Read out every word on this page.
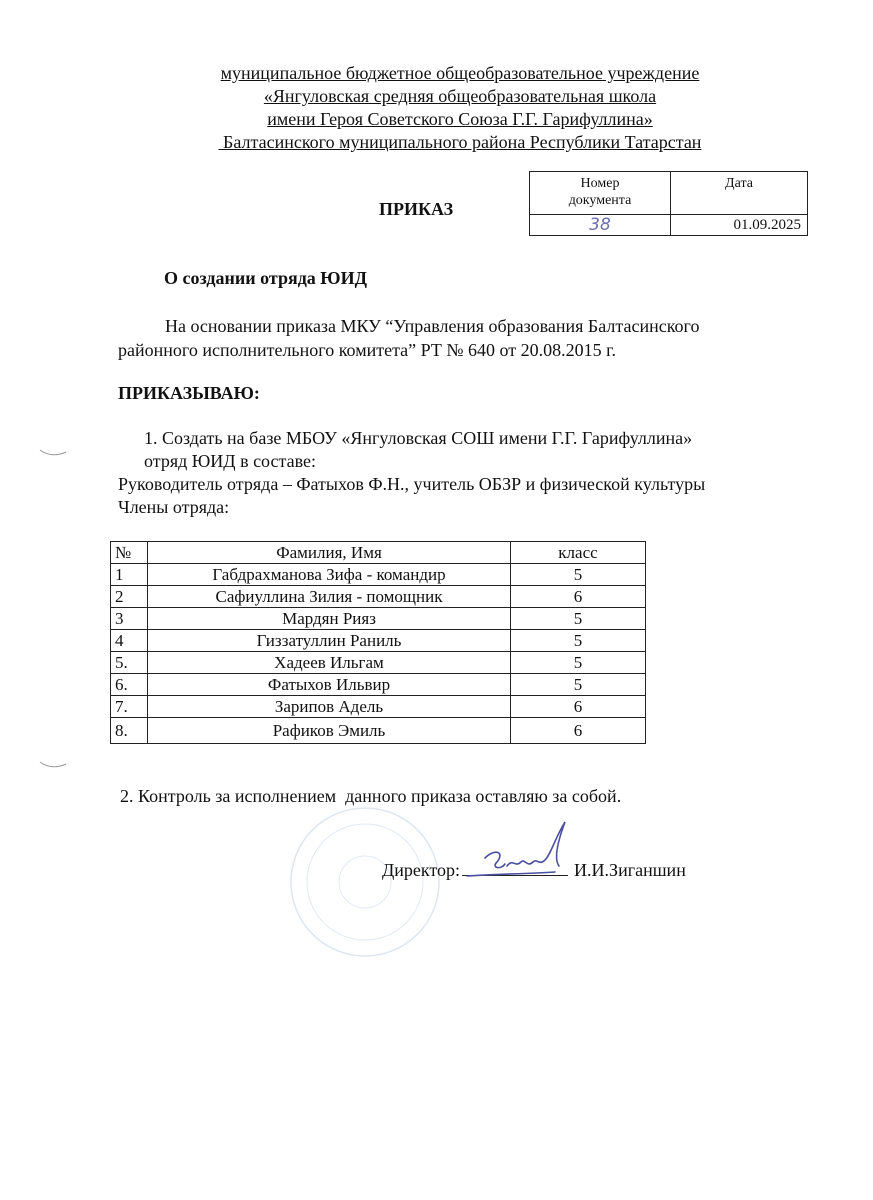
муниципальное бюджетное общеобразовательное учреждение
«Янгуловская средняя общеобразовательная школа
имени Героя Советского Союза Г.Г. Гарифуллина»
Балтасинского муниципального района Республики Татарстан
Номер
документа	Дата
38	01.09.2025
ПРИКАЗ
О создании отряда ЮИД
На основании приказа МКУ “Управления образования Балтасинского
районного исполнительного комитета” РТ № 640 от 20.08.2015 г.
ПРИКАЗЫВАЮ:
1. Создать на базе МБОУ «Янгуловская СОШ имени Г.Г. Гарифуллина»
отряд ЮИД в составе:
Руководитель отряда – Фатыхов Ф.Н., учитель ОБЗР и физической культуры
Члены отряда:
№	Фамилия, Имя	класс
1	Габдрахманова Зифа - командир	5
2	Сафиуллина Зилия - помощник	6
3	Мардян Рияз	5
4	Гиззатуллин Раниль	5
5.	Хадеев Ильгам	5
6.	Фатыхов Ильвир	5
7.	Зарипов Адель	6
8.	Рафиков Эмиль	6
2. Контроль за исполнением  данного приказа оставляю за собой.
Директор:	И.И.Зиганшин
